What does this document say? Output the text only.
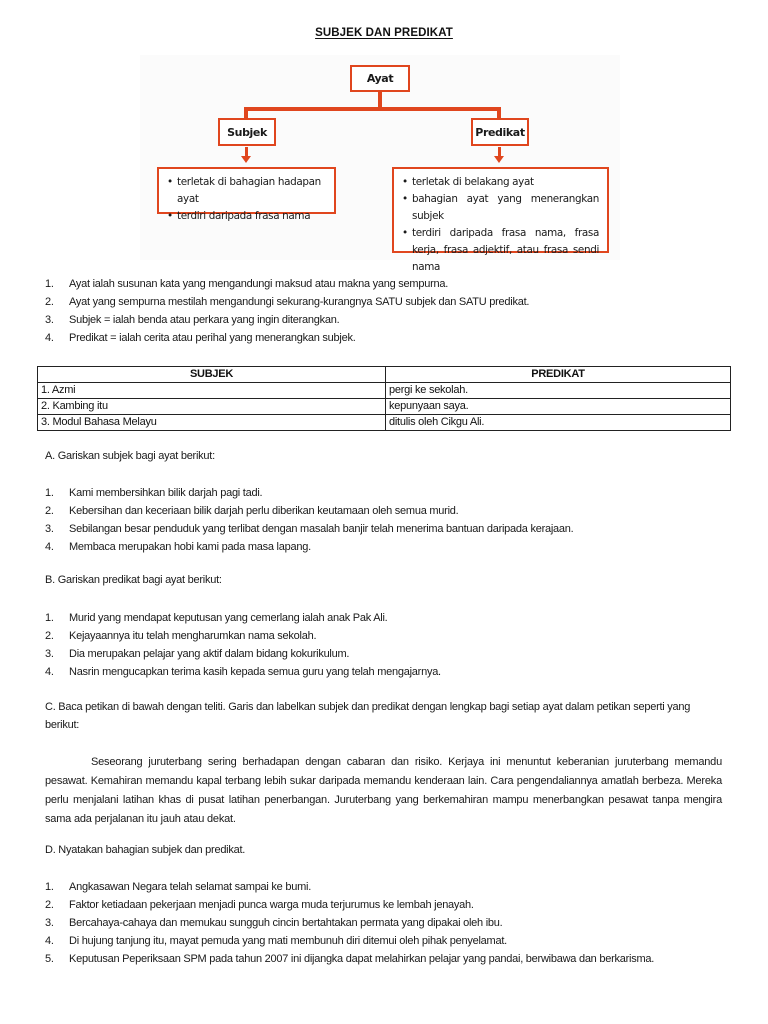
SUBJEK DAN PREDIKAT
Ayat
Subjek	Predikat
• terletak di bahagian hadapan ayat
• terdiri daripada frasa nama
• terletak di belakang ayat
• bahagian ayat yang menerangkan subjek
• terdiri daripada frasa nama, frasa kerja, frasa adjektif, atau frasa sendi nama
1. Ayat ialah susunan kata yang mengandungi maksud atau makna yang sempurna.
2. Ayat yang sempurna mestilah mengandungi sekurang-kurangnya SATU subjek dan SATU predikat.
3. Subjek = ialah benda atau perkara yang ingin diterangkan.
4. Predikat = ialah cerita atau perihal yang menerangkan subjek.
SUBJEK	PREDIKAT
1. Azmi	pergi ke sekolah.
2. Kambing itu	kepunyaan saya.
3. Modul Bahasa Melayu	ditulis oleh Cikgu Ali.
A. Gariskan subjek bagi ayat berikut:
1. Kami membersihkan bilik darjah pagi tadi.
2. Kebersihan dan keceriaan bilik darjah perlu diberikan keutamaan oleh semua murid.
3. Sebilangan besar penduduk yang terlibat dengan masalah banjir telah menerima bantuan daripada kerajaan.
4. Membaca merupakan hobi kami pada masa lapang.
B. Gariskan predikat bagi ayat berikut:
1. Murid yang mendapat keputusan yang cemerlang ialah anak Pak Ali.
2. Kejayaannya itu telah mengharumkan nama sekolah.
3. Dia merupakan pelajar yang aktif dalam bidang kokurikulum.
4. Nasrin mengucapkan terima kasih kepada semua guru yang telah mengajarnya.
C. Baca petikan di bawah dengan teliti. Garis dan labelkan subjek dan predikat dengan lengkap bagi setiap ayat dalam petikan seperti yang
berikut:
Seseorang juruterbang sering berhadapan dengan cabaran dan risiko. Kerjaya ini menuntut keberanian juruterbang memandu pesawat. Kemahiran memandu kapal terbang lebih sukar daripada memandu kenderaan lain. Cara pengendaliannya amatlah berbeza. Mereka perlu menjalani latihan khas di pusat latihan penerbangan. Juruterbang yang berkemahiran mampu menerbangkan pesawat tanpa mengira sama ada perjalanan itu jauh atau dekat.
D. Nyatakan bahagian subjek dan predikat.
1. Angkasawan Negara telah selamat sampai ke bumi.
2. Faktor ketiadaan pekerjaan menjadi punca warga muda terjurumus ke lembah jenayah.
3. Bercahaya-cahaya dan memukau sungguh cincin bertahtakan permata yang dipakai oleh ibu.
4. Di hujung tanjung itu, mayat pemuda yang mati membunuh diri ditemui oleh pihak penyelamat.
5. Keputusan Peperiksaan SPM pada tahun 2007 ini dijangka dapat melahirkan pelajar yang pandai, berwibawa dan berkarisma.
